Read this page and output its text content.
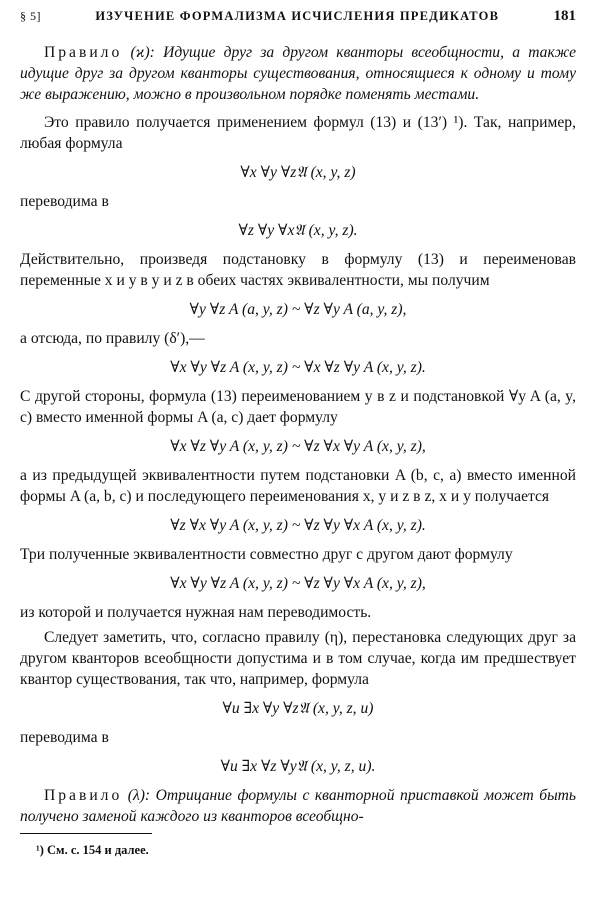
§ 5]	ИЗУЧЕНИЕ ФОРМАЛИЗМА ИСЧИСЛЕНИЯ ПРЕДИКАТОВ	181

Правило (ϰ): Идущие друг за другом кванторы всеобщности, а также идущие друг за другом кванторы существования, относящиеся к одному и тому же выражению, можно в произвольном порядке поменять местами.

Это правило получается применением формул (13) и (13′) ¹). Так, например, любая формула

∀x ∀y ∀z𝔄 (x, y, z)

переводима в

∀z ∀y ∀x𝔄 (x, y, z).

Действительно, произведя подстановку в формулу (13) и переименовав переменные x и y в y и z в обеих частях эквивалентности, мы получим

∀y ∀z A (a, y, z) ~ ∀z ∀y A (a, y, z),

а отсюда, по правилу (δ′),—

∀x ∀y ∀z A (x, y, z) ~ ∀x ∀z ∀y A (x, y, z).

С другой стороны, формула (13) переименованием y в z и подстановкой ∀y A (a, y, c) вместо именной формы A (a, c) дает формулу

∀x ∀z ∀y A (x, y, z) ~ ∀z ∀x ∀y A (x, y, z),

а из предыдущей эквивалентности путем подстановки A (b, c, a) вместо именной формы A (a, b, c) и последующего переименования x, y и z в z, x и y получается

∀z ∀x ∀y A (x, y, z) ~ ∀z ∀y ∀x A (x, y, z).

Три полученные эквивалентности совместно друг с другом дают формулу

∀x ∀y ∀z A (x, y, z) ~ ∀z ∀y ∀x A (x, y, z),

из которой и получается нужная нам переводимость.

Следует заметить, что, согласно правилу (η), перестановка следующих друг за другом кванторов всеобщности допустима и в том случае, когда им предшествует квантор существования, так что, например, формула

∀u ∃x ∀y ∀z𝔄 (x, y, z, u)

переводима в

∀u ∃x ∀z ∀y𝔄 (x, y, z, u).

Правило (λ): Отрицание формулы с кванторной приставкой может быть получено заменой каждого из кванторов всеобщно-

¹) См. с. 154 и далее.
